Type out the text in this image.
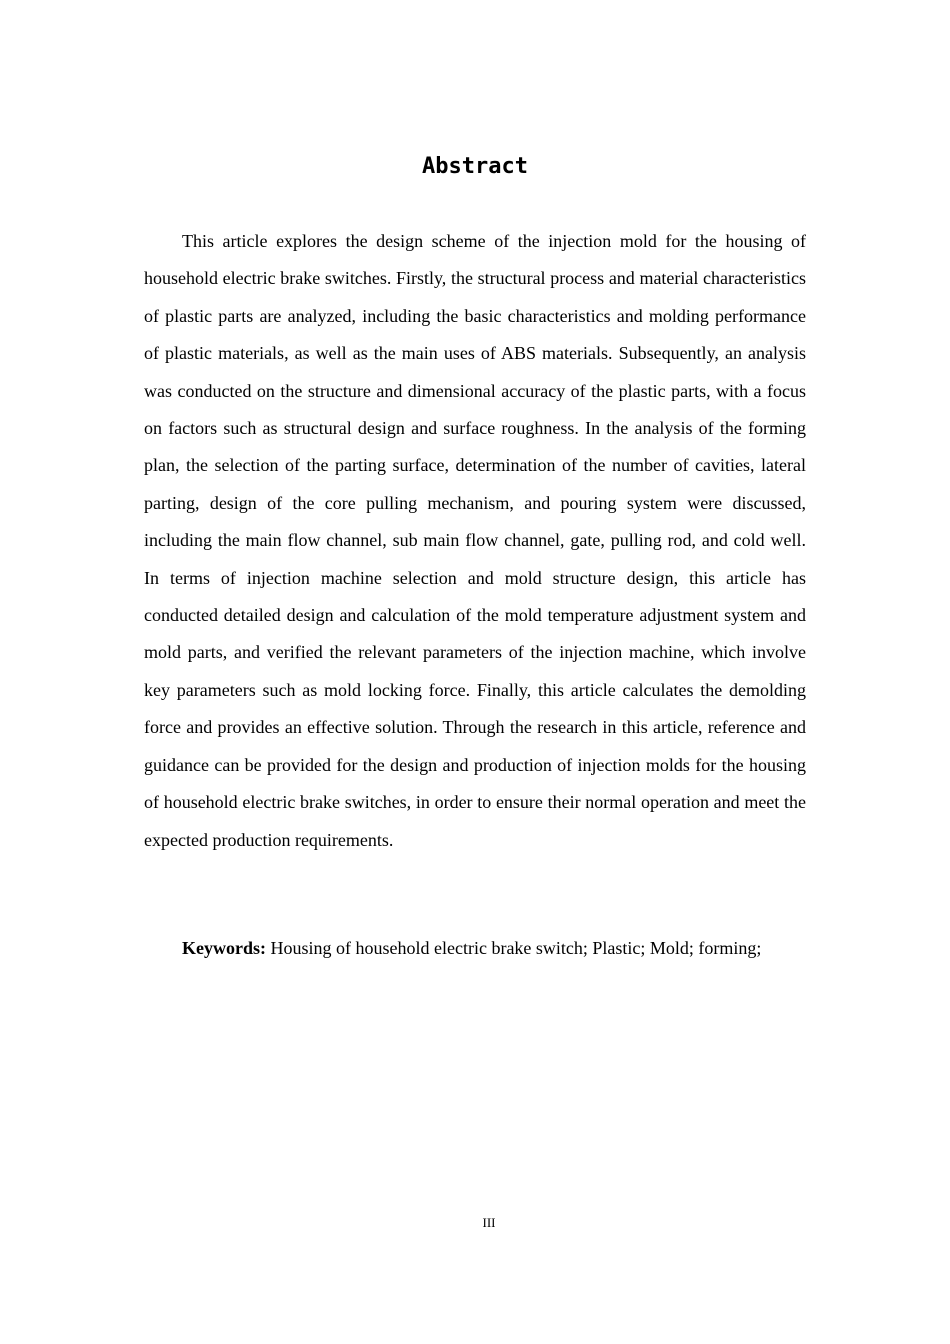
Abstract

This article explores the design scheme of the injection mold for the housing of household electric brake switches. Firstly, the structural process and material characteristics of plastic parts are analyzed, including the basic characteristics and molding performance of plastic materials, as well as the main uses of ABS materials. Subsequently, an analysis was conducted on the structure and dimensional accuracy of the plastic parts, with a focus on factors such as structural design and surface roughness. In the analysis of the forming plan, the selection of the parting surface, determination of the number of cavities, lateral parting, design of the core pulling mechanism, and pouring system were discussed, including the main flow channel, sub main flow channel, gate, pulling rod, and cold well. In terms of injection machine selection and mold structure design, this article has conducted detailed design and calculation of the mold temperature adjustment system and mold parts, and verified the relevant parameters of the injection machine, which involve key parameters such as mold locking force. Finally, this article calculates the demolding force and provides an effective solution. Through the research in this article, reference and guidance can be provided for the design and production of injection molds for the housing of household electric brake switches, in order to ensure their normal operation and meet the expected production requirements.

Keywords: Housing of household electric brake switch; Plastic; Mold; forming;

III
